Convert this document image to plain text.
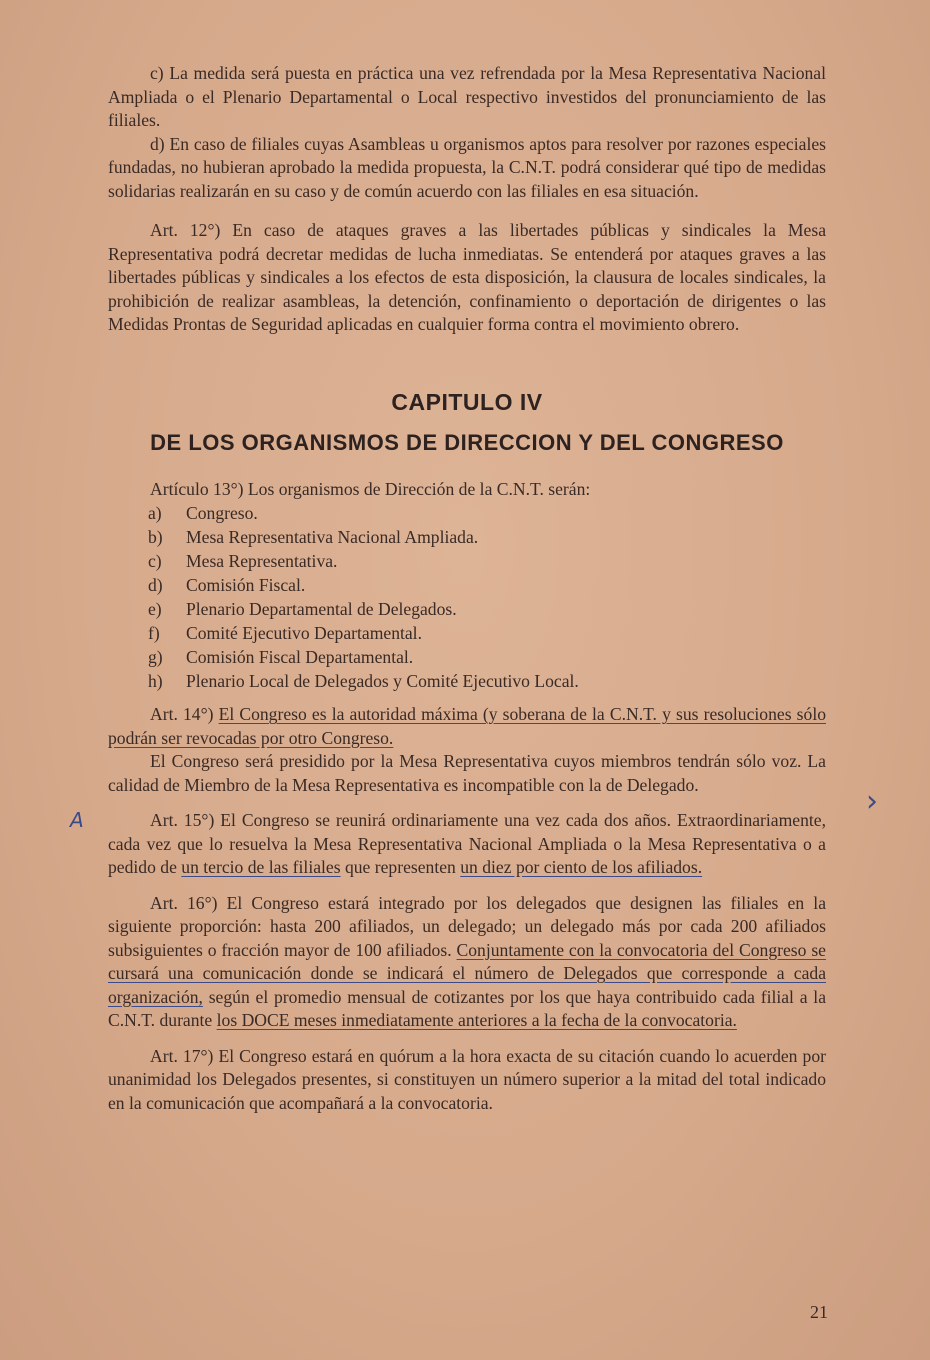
c) La medida será puesta en práctica una vez refrendada por la Mesa Representativa Nacional Ampliada o el Plenario Departamental o Local respectivo investidos del pronunciamiento de las filiales.

d) En caso de filiales cuyas Asambleas u organismos aptos para resolver por razones especiales fundadas, no hubieran aprobado la medida propuesta, la C.N.T. podrá considerar qué tipo de medidas solidarias realizarán en su caso y de común acuerdo con las filiales en esa situación.

Art. 12°) En caso de ataques graves a las libertades públicas y sindicales la Mesa Representativa podrá decretar medidas de lucha inmediatas. Se entenderá por ataques graves a las libertades públicas y sindicales a los efectos de esta disposición, la clausura de locales sindicales, la prohibición de realizar asambleas, la detención, confinamiento o deportación de dirigentes o las Medidas Prontas de Seguridad aplicadas en cualquier forma contra el movimiento obrero.

CAPITULO IV
DE LOS ORGANISMOS DE DIRECCION Y DEL CONGRESO

Artículo 13°) Los organismos de Dirección de la C.N.T. serán:

a)	Congreso.
b)	Mesa Representativa Nacional Ampliada.
c)	Mesa Representativa.
d)	Comisión Fiscal.
e)	Plenario Departamental de Delegados.
f)	Comité Ejecutivo Departamental.
g)	Comisión Fiscal Departamental.
h)	Plenario Local de Delegados y Comité Ejecutivo Local.

Art. 14°) El Congreso es la autoridad máxima (y soberana de la C.N.T. y sus resoluciones sólo podrán ser revocadas por otro Congreso.

El Congreso será presidido por la Mesa Representativa cuyos miembros tendrán sólo voz. La calidad de Miembro de la Mesa Representativa es incompatible con la de Delegado.

Art. 15°) El Congreso se reunirá ordinariamente una vez cada dos años. Extraordinariamente, cada vez que lo resuelva la Mesa Representativa Nacional Ampliada o la Mesa Representativa o a pedido de un tercio de las filiales que representen un diez por ciento de los afiliados.

Art. 16°) El Congreso estará integrado por los delegados que designen las filiales en la siguiente proporción: hasta 200 afiliados, un delegado; un delegado más por cada 200 afiliados subsiguientes o fracción mayor de 100 afiliados. Conjuntamente con la convocatoria del Congreso se cursará una comunicación donde se indicará el número de Delegados que corresponde a cada organización, según el promedio mensual de cotizantes por los que haya contribuido cada filial a la C.N.T. durante los DOCE meses inmediatamente anteriores a la fecha de la convocatoria.

Art. 17°) El Congreso estará en quórum a la hora exacta de su citación cuando lo acuerden por unanimidad los Delegados presentes, si constituyen un número superior a la mitad del total indicado en la comunicación que acompañará a la convocatoria.

›
A
21
